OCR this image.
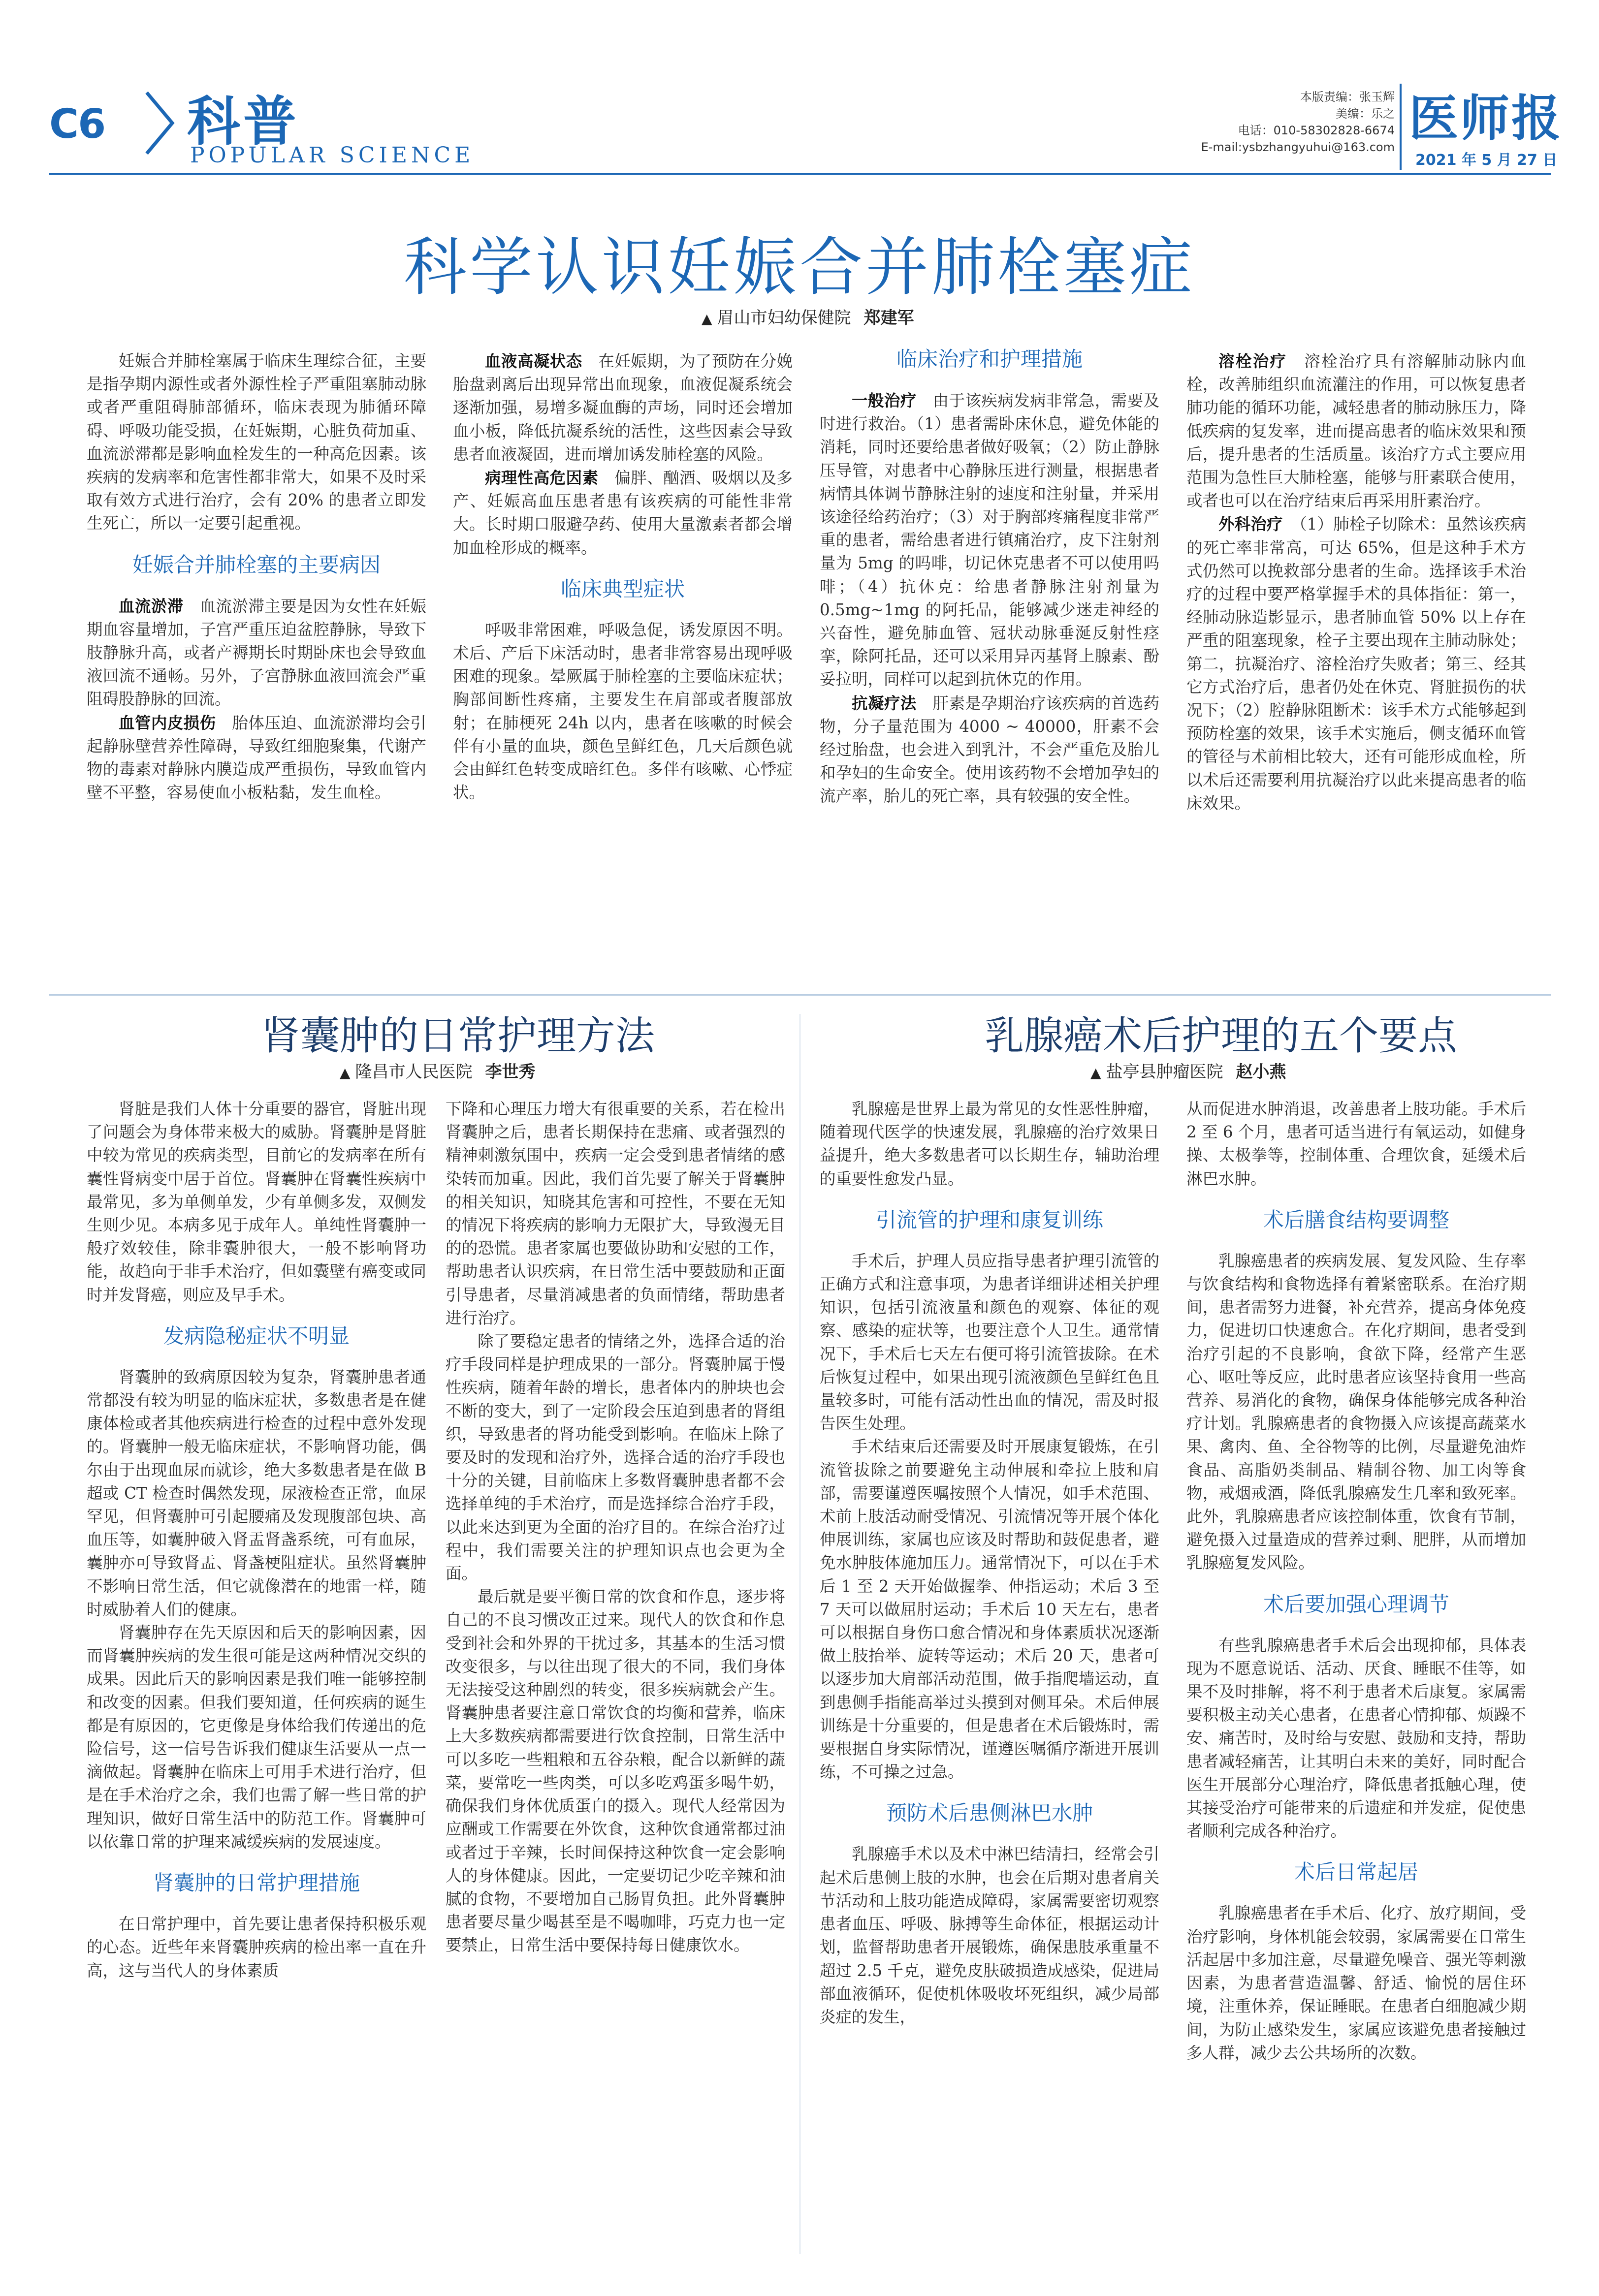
C6 科普
POPULAR SCIENCE
本版责编：张玉辉
美编：乐之
电话：010-58302828-6674
E-mail:ysbzhangyuhui@163.com 医师报
2021 年 5 月 27 日
科学认识妊娠合并肺栓塞症
▲ 眉山市妇幼保健院 郑建军

妊娠合并肺栓塞属于临床生理综合征，主要是指孕期内源性或者外源性栓子严重阻塞肺动脉或者严重阻碍肺部循环，临床表现为肺循环障碍、呼吸功能受损，在妊娠期，心脏负荷加重、血流淤滞都是影响血栓发生的一种高危因素。该疾病的发病率和危害性都非常大，如果不及时采取有效方式进行治疗，会有 20% 的患者立即发生死亡，所以一定要引起重视。

妊娠合并肺栓塞的主要病因

血流淤滞　血流淤滞主要是因为女性在妊娠期血容量增加，子宫严重压迫盆腔静脉，导致下肢静脉升高，或者产褥期长时期卧床也会导致血液回流不通畅。另外，子宫静脉血液回流会严重阻碍股静脉的回流。

血管内皮损伤　胎体压迫、血流淤滞均会引起静脉壁营养性障碍，导致红细胞聚集，代谢产物的毒素对静脉内膜造成严重损伤，导致血管内壁不平整，容易使血小板粘黏，发生血栓。

血液高凝状态　在妊娠期，为了预防在分娩胎盘剥离后出现异常出血现象，血液促凝系统会逐渐加强，易增多凝血酶的声场，同时还会增加血小板，降低抗凝系统的活性，这些因素会导致患者血液凝固，进而增加诱发肺栓塞的风险。

病理性高危因素　偏胖、酗酒、吸烟以及多产、妊娠高血压患者患有该疾病的可能性非常大。长时期口服避孕药、使用大量激素者都会增加血栓形成的概率。

临床典型症状

呼吸非常困难，呼吸急促，诱发原因不明。术后、产后下床活动时，患者非常容易出现呼吸困难的现象。晕厥属于肺栓塞的主要临床症状；胸部间断性疼痛，主要发生在肩部或者腹部放射；在肺梗死 24h 以内，患者在咳嗽的时候会伴有小量的血块，颜色呈鲜红色，几天后颜色就会由鲜红色转变成暗红色。多伴有咳嗽、心悸症状。

临床治疗和护理措施

一般治疗　由于该疾病发病非常急，需要及时进行救治。（1）患者需卧床休息，避免体能的消耗，同时还要给患者做好吸氧；（2）防止静脉压导管，对患者中心静脉压进行测量，根据患者病情具体调节静脉注射的速度和注射量，并采用该途径给药治疗；（3）对于胸部疼痛程度非常严重的患者，需给患者进行镇痛治疗，皮下注射剂量为 5mg 的吗啡，切记休克患者不可以使用吗啡；（4）抗休克：给患者静脉注射剂量为 0.5mg~1mg 的阿托品，能够减少迷走神经的兴奋性，避免肺血管、冠状动脉垂涎反射性痉挛，除阿托品，还可以采用异丙基肾上腺素、酚妥拉明，同样可以起到抗休克的作用。

抗凝疗法　肝素是孕期治疗该疾病的首选药物，分子量范围为 4000 ~ 40000，肝素不会经过胎盘，也会进入到乳汁，不会严重危及胎儿和孕妇的生命安全。使用该药物不会增加孕妇的流产率，胎儿的死亡率，具有较强的安全性。

溶栓治疗　溶栓治疗具有溶解肺动脉内血栓，改善肺组织血流灌注的作用，可以恢复患者肺功能的循环功能，减轻患者的肺动脉压力，降低疾病的复发率，进而提高患者的临床效果和预后，提升患者的生活质量。该治疗方式主要应用范围为急性巨大肺栓塞，能够与肝素联合使用，或者也可以在治疗结束后再采用肝素治疗。

外科治疗　（1）肺栓子切除术：虽然该疾病的死亡率非常高，可达 65%，但是这种手术方式仍然可以挽救部分患者的生命。选择该手术治疗的过程中要严格掌握手术的具体指征：第一，经肺动脉造影显示，患者肺血管 50% 以上存在严重的阻塞现象，栓子主要出现在主肺动脉处；第二，抗凝治疗、溶栓治疗失败者；第三、经其它方式治疗后，患者仍处在休克、肾脏损伤的状况下；（2）腔静脉阻断术：该手术方式能够起到预防栓塞的效果，该手术实施后，侧支循环血管的管径与术前相比较大，还有可能形成血栓，所以术后还需要利用抗凝治疗以此来提高患者的临床效果。

肾囊肿的日常护理方法
▲ 隆昌市人民医院 李世秀

肾脏是我们人体十分重要的器官，肾脏出现了问题会为身体带来极大的威胁。肾囊肿是肾脏中较为常见的疾病类型，目前它的发病率在所有囊性肾病变中居于首位。肾囊肿在肾囊性疾病中最常见，多为单侧单发，少有单侧多发，双侧发生则少见。本病多见于成年人。单纯性肾囊肿一般疗效较佳，除非囊肿很大，一般不影响肾功能，故趋向于非手术治疗，但如囊壁有癌变或同时并发肾癌，则应及早手术。

发病隐秘症状不明显

肾囊肿的致病原因较为复杂，肾囊肿患者通常都没有较为明显的临床症状，多数患者是在健康体检或者其他疾病进行检查的过程中意外发现的。肾囊肿一般无临床症状，不影响肾功能，偶尔由于出现血尿而就诊，绝大多数患者是在做 B 超或 CT 检查时偶然发现，尿液检查正常，血尿罕见，但肾囊肿可引起腰痛及发现腹部包块、高血压等，如囊肿破入肾盂肾盏系统，可有血尿，囊肿亦可导致肾盂、肾盏梗阻症状。虽然肾囊肿不影响日常生活，但它就像潜在的地雷一样，随时威胁着人们的健康。

肾囊肿存在先天原因和后天的影响因素，因而肾囊肿疾病的发生很可能是这两种情况交织的成果。因此后天的影响因素是我们唯一能够控制和改变的因素。但我们要知道，任何疾病的诞生都是有原因的，它更像是身体给我们传递出的危险信号，这一信号告诉我们健康生活要从一点一滴做起。肾囊肿在临床上可用手术进行治疗，但是在手术治疗之余，我们也需了解一些日常的护理知识，做好日常生活中的防范工作。肾囊肿可以依靠日常的护理来减缓疾病的发展速度。

肾囊肿的日常护理措施

在日常护理中，首先要让患者保持积极乐观的心态。近些年来肾囊肿疾病的检出率一直在升高，这与当代人的身体素质

下降和心理压力增大有很重要的关系，若在检出肾囊肿之后，患者长期保持在悲痛、或者强烈的精神刺激氛围中，疾病一定会受到患者情绪的感染转而加重。因此，我们首先要了解关于肾囊肿的相关知识，知晓其危害和可控性，不要在无知的情况下将疾病的影响力无限扩大，导致漫无目的的恐慌。患者家属也要做协助和安慰的工作，帮助患者认识疾病，在日常生活中要鼓励和正面引导患者，尽量消减患者的负面情绪，帮助患者进行治疗。

除了要稳定患者的情绪之外，选择合适的治疗手段同样是护理成果的一部分。肾囊肿属于慢性疾病，随着年龄的增长，患者体内的肿块也会不断的变大，到了一定阶段会压迫到患者的肾组织，导致患者的肾功能受到影响。在临床上除了要及时的发现和治疗外，选择合适的治疗手段也十分的关键，目前临床上多数肾囊肿患者都不会选择单纯的手术治疗，而是选择综合治疗手段，以此来达到更为全面的治疗目的。在综合治疗过程中，我们需要关注的护理知识点也会更为全面。

最后就是要平衡日常的饮食和作息，逐步将自己的不良习惯改正过来。现代人的饮食和作息受到社会和外界的干扰过多，其基本的生活习惯改变很多，与以往出现了很大的不同，我们身体无法接受这种剧烈的转变，很多疾病就会产生。肾囊肿患者要注意日常饮食的均衡和营养，临床上大多数疾病都需要进行饮食控制，日常生活中可以多吃一些粗粮和五谷杂粮，配合以新鲜的蔬菜，要常吃一些肉类，可以多吃鸡蛋多喝牛奶，确保我们身体优质蛋白的摄入。现代人经常因为应酬或工作需要在外饮食，这种饮食通常都过油或者过于辛辣，长时间保持这种饮食一定会影响人的身体健康。因此，一定要切记少吃辛辣和油腻的食物，不要增加自己肠胃负担。此外肾囊肿患者要尽量少喝甚至是不喝咖啡，巧克力也一定要禁止，日常生活中要保持每日健康饮水。

乳腺癌术后护理的五个要点
▲ 盐亭县肿瘤医院 赵小燕

乳腺癌是世界上最为常见的女性恶性肿瘤，随着现代医学的快速发展，乳腺癌的治疗效果日益提升，绝大多数患者可以长期生存，辅助治理的重要性愈发凸显。

引流管的护理和康复训练

手术后，护理人员应指导患者护理引流管的正确方式和注意事项，为患者详细讲述相关护理知识，包括引流液量和颜色的观察、体征的观察、感染的症状等，也要注意个人卫生。通常情况下，手术后七天左右便可将引流管拔除。在术后恢复过程中，如果出现引流液颜色呈鲜红色且量较多时，可能有活动性出血的情况，需及时报告医生处理。

手术结束后还需要及时开展康复锻炼，在引流管拔除之前要避免主动伸展和牵拉上肢和肩部，需要谨遵医嘱按照个人情况，如手术范围、术前上肢活动耐受情况、引流情况等开展个体化伸展训练，家属也应该及时帮助和鼓促患者，避免水肿肢体施加压力。通常情况下，可以在手术后 1 至 2 天开始做握拳、伸指运动；术后 3 至 7 天可以做屈肘运动；手术后 10 天左右，患者可以根据自身伤口愈合情况和身体素质状况逐渐做上肢抬举、旋转等运动；术后 20 天，患者可以逐步加大肩部活动范围，做手指爬墙运动，直到患侧手指能高举过头摸到对侧耳朵。术后伸展训练是十分重要的，但是患者在术后锻炼时，需要根据自身实际情况，谨遵医嘱循序渐进开展训练，不可操之过急。

预防术后患侧淋巴水肿

乳腺癌手术以及术中淋巴结清扫，经常会引起术后患侧上肢的水肿，也会在后期对患者肩关节活动和上肢功能造成障碍，家属需要密切观察患者血压、呼吸、脉搏等生命体征，根据运动计划，监督帮助患者开展锻炼，确保患肢承重量不超过 2.5 千克，避免皮肤破损造成感染，促进局部血液循环，促使机体吸收坏死组织，减少局部炎症的发生，

从而促进水肿消退，改善患者上肢功能。手术后 2 至 6 个月，患者可适当进行有氧运动，如健身操、太极拳等，控制体重、合理饮食，延缓术后淋巴水肿。

术后膳食结构要调整

乳腺癌患者的疾病发展、复发风险、生存率与饮食结构和食物选择有着紧密联系。在治疗期间，患者需努力进餐，补充营养，提高身体免疫力，促进切口快速愈合。在化疗期间，患者受到治疗引起的不良影响，食欲下降，经常产生恶心、呕吐等反应，此时患者应该坚持食用一些高营养、易消化的食物，确保身体能够完成各种治疗计划。乳腺癌患者的食物摄入应该提高蔬菜水果、禽肉、鱼、全谷物等的比例，尽量避免油炸食品、高脂奶类制品、精制谷物、加工肉等食物，戒烟戒酒，降低乳腺癌发生几率和致死率。此外，乳腺癌患者应该控制体重，饮食有节制，避免摄入过量造成的营养过剩、肥胖，从而增加乳腺癌复发风险。

术后要加强心理调节

有些乳腺癌患者手术后会出现抑郁，具体表现为不愿意说话、活动、厌食、睡眠不佳等，如果不及时排解，将不利于患者术后康复。家属需要积极主动关心患者，在患者心情抑郁、烦躁不安、痛苦时，及时给与安慰、鼓励和支持，帮助患者减轻痛苦，让其明白未来的美好，同时配合医生开展部分心理治疗，降低患者抵触心理，使其接受治疗可能带来的后遗症和并发症，促使患者顺利完成各种治疗。

术后日常起居

乳腺癌患者在手术后、化疗、放疗期间，受治疗影响，身体机能会较弱，家属需要在日常生活起居中多加注意，尽量避免噪音、强光等刺激因素，为患者营造温馨、舒适、愉悦的居住环境，注重休养，保证睡眠。在患者白细胞减少期间，为防止感染发生，家属应该避免患者接触过多人群，减少去公共场所的次数。
